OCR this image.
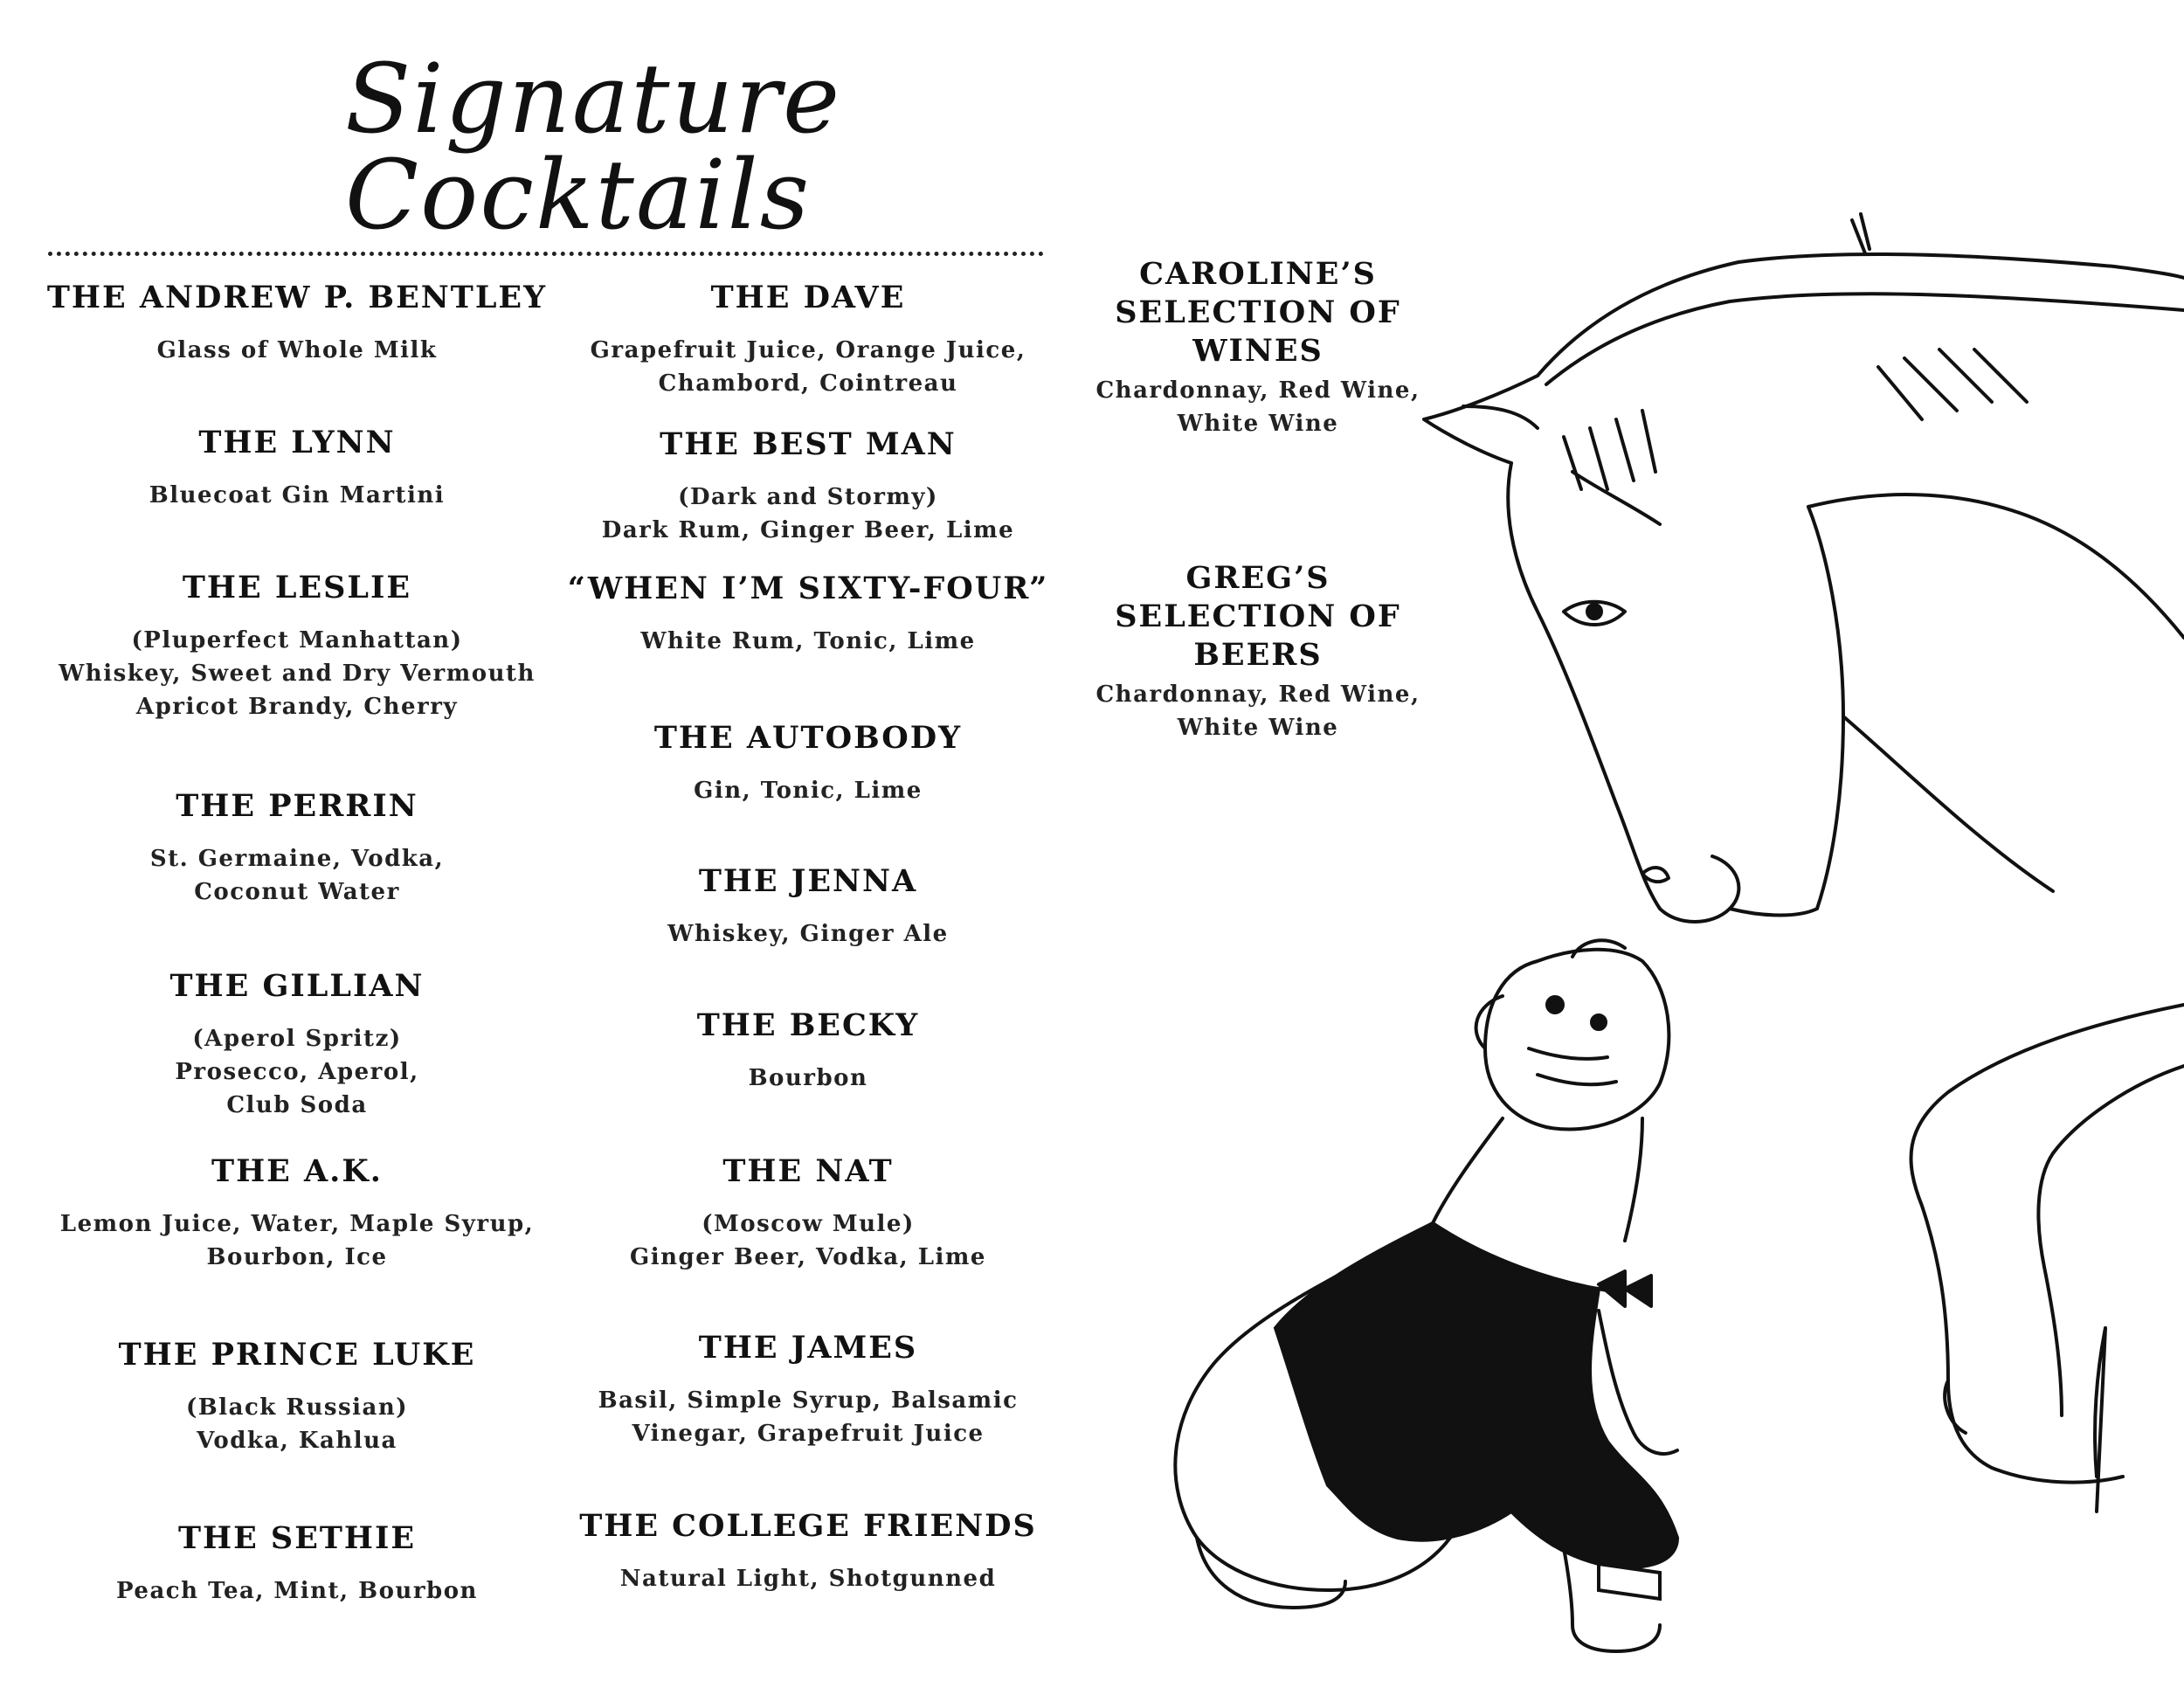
Signature
Cocktails
THE ANDREW P. BENTLEY
Glass of Whole Milk
THE LYNN
Bluecoat Gin Martini
THE LESLIE
(Pluperfect Manhattan)
Whiskey, Sweet and Dry Vermouth
Apricot Brandy, Cherry
THE PERRIN
St. Germaine, Vodka,
Coconut Water
THE GILLIAN
(Aperol Spritz)
Prosecco, Aperol,
Club Soda
THE A.K.
Lemon Juice, Water, Maple Syrup,
Bourbon, Ice
THE PRINCE LUKE
(Black Russian)
Vodka, Kahlua
THE SETHIE
Peach Tea, Mint, Bourbon
THE DAVE
Grapefruit Juice, Orange Juice,
Chambord, Cointreau
THE BEST MAN
(Dark and Stormy)
Dark Rum, Ginger Beer, Lime
“WHEN I’M SIXTY-FOUR”
White Rum, Tonic, Lime
THE AUTOBODY
Gin, Tonic, Lime
THE JENNA
Whiskey, Ginger Ale
THE BECKY
Bourbon
THE NAT
(Moscow Mule)
Ginger Beer, Vodka, Lime
THE JAMES
Basil, Simple Syrup, Balsamic
Vinegar, Grapefruit Juice
THE COLLEGE FRIENDS
Natural Light, Shotgunned
CAROLINE’S
SELECTION OF
WINES
Chardonnay, Red Wine,
White Wine
GREG’S
SELECTION OF
BEERS
Chardonnay, Red Wine,
White Wine
